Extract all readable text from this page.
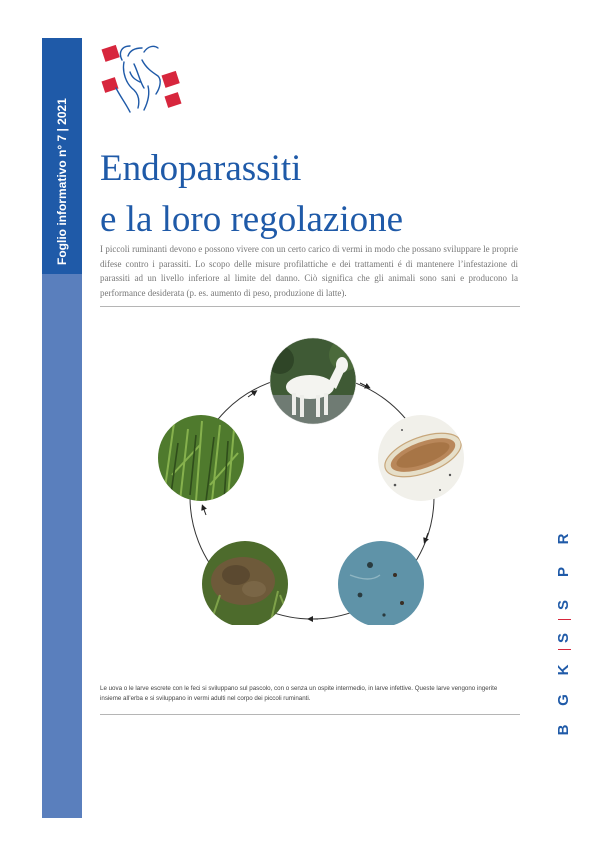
Foglio informativo n° 7 | 2021 Endoparassiti
e la loro regolazione

I piccoli ruminanti devono e possono vivere con un certo carico di vermi in modo che possano sviluppare le proprie difese contro i parassiti. Lo scopo delle misure profilattiche e dei trattamenti é di mantenere l’infestazione di parassiti ad un livello inferiore al limite del danno. Ciò significa che gli animali sono sani e producono la performance desiderata (p. es. aumento di peso, produzione di latte).

Le uova o le larve escrete con le feci si sviluppano sul pascolo, con o senza un ospite intermedio, in larve infettive. Queste larve vengono ingerite insieme all’erba e si sviluppano in vermi adulti nel corpo dei piccoli ruminanti.

B
G
K
S
S
P
R
